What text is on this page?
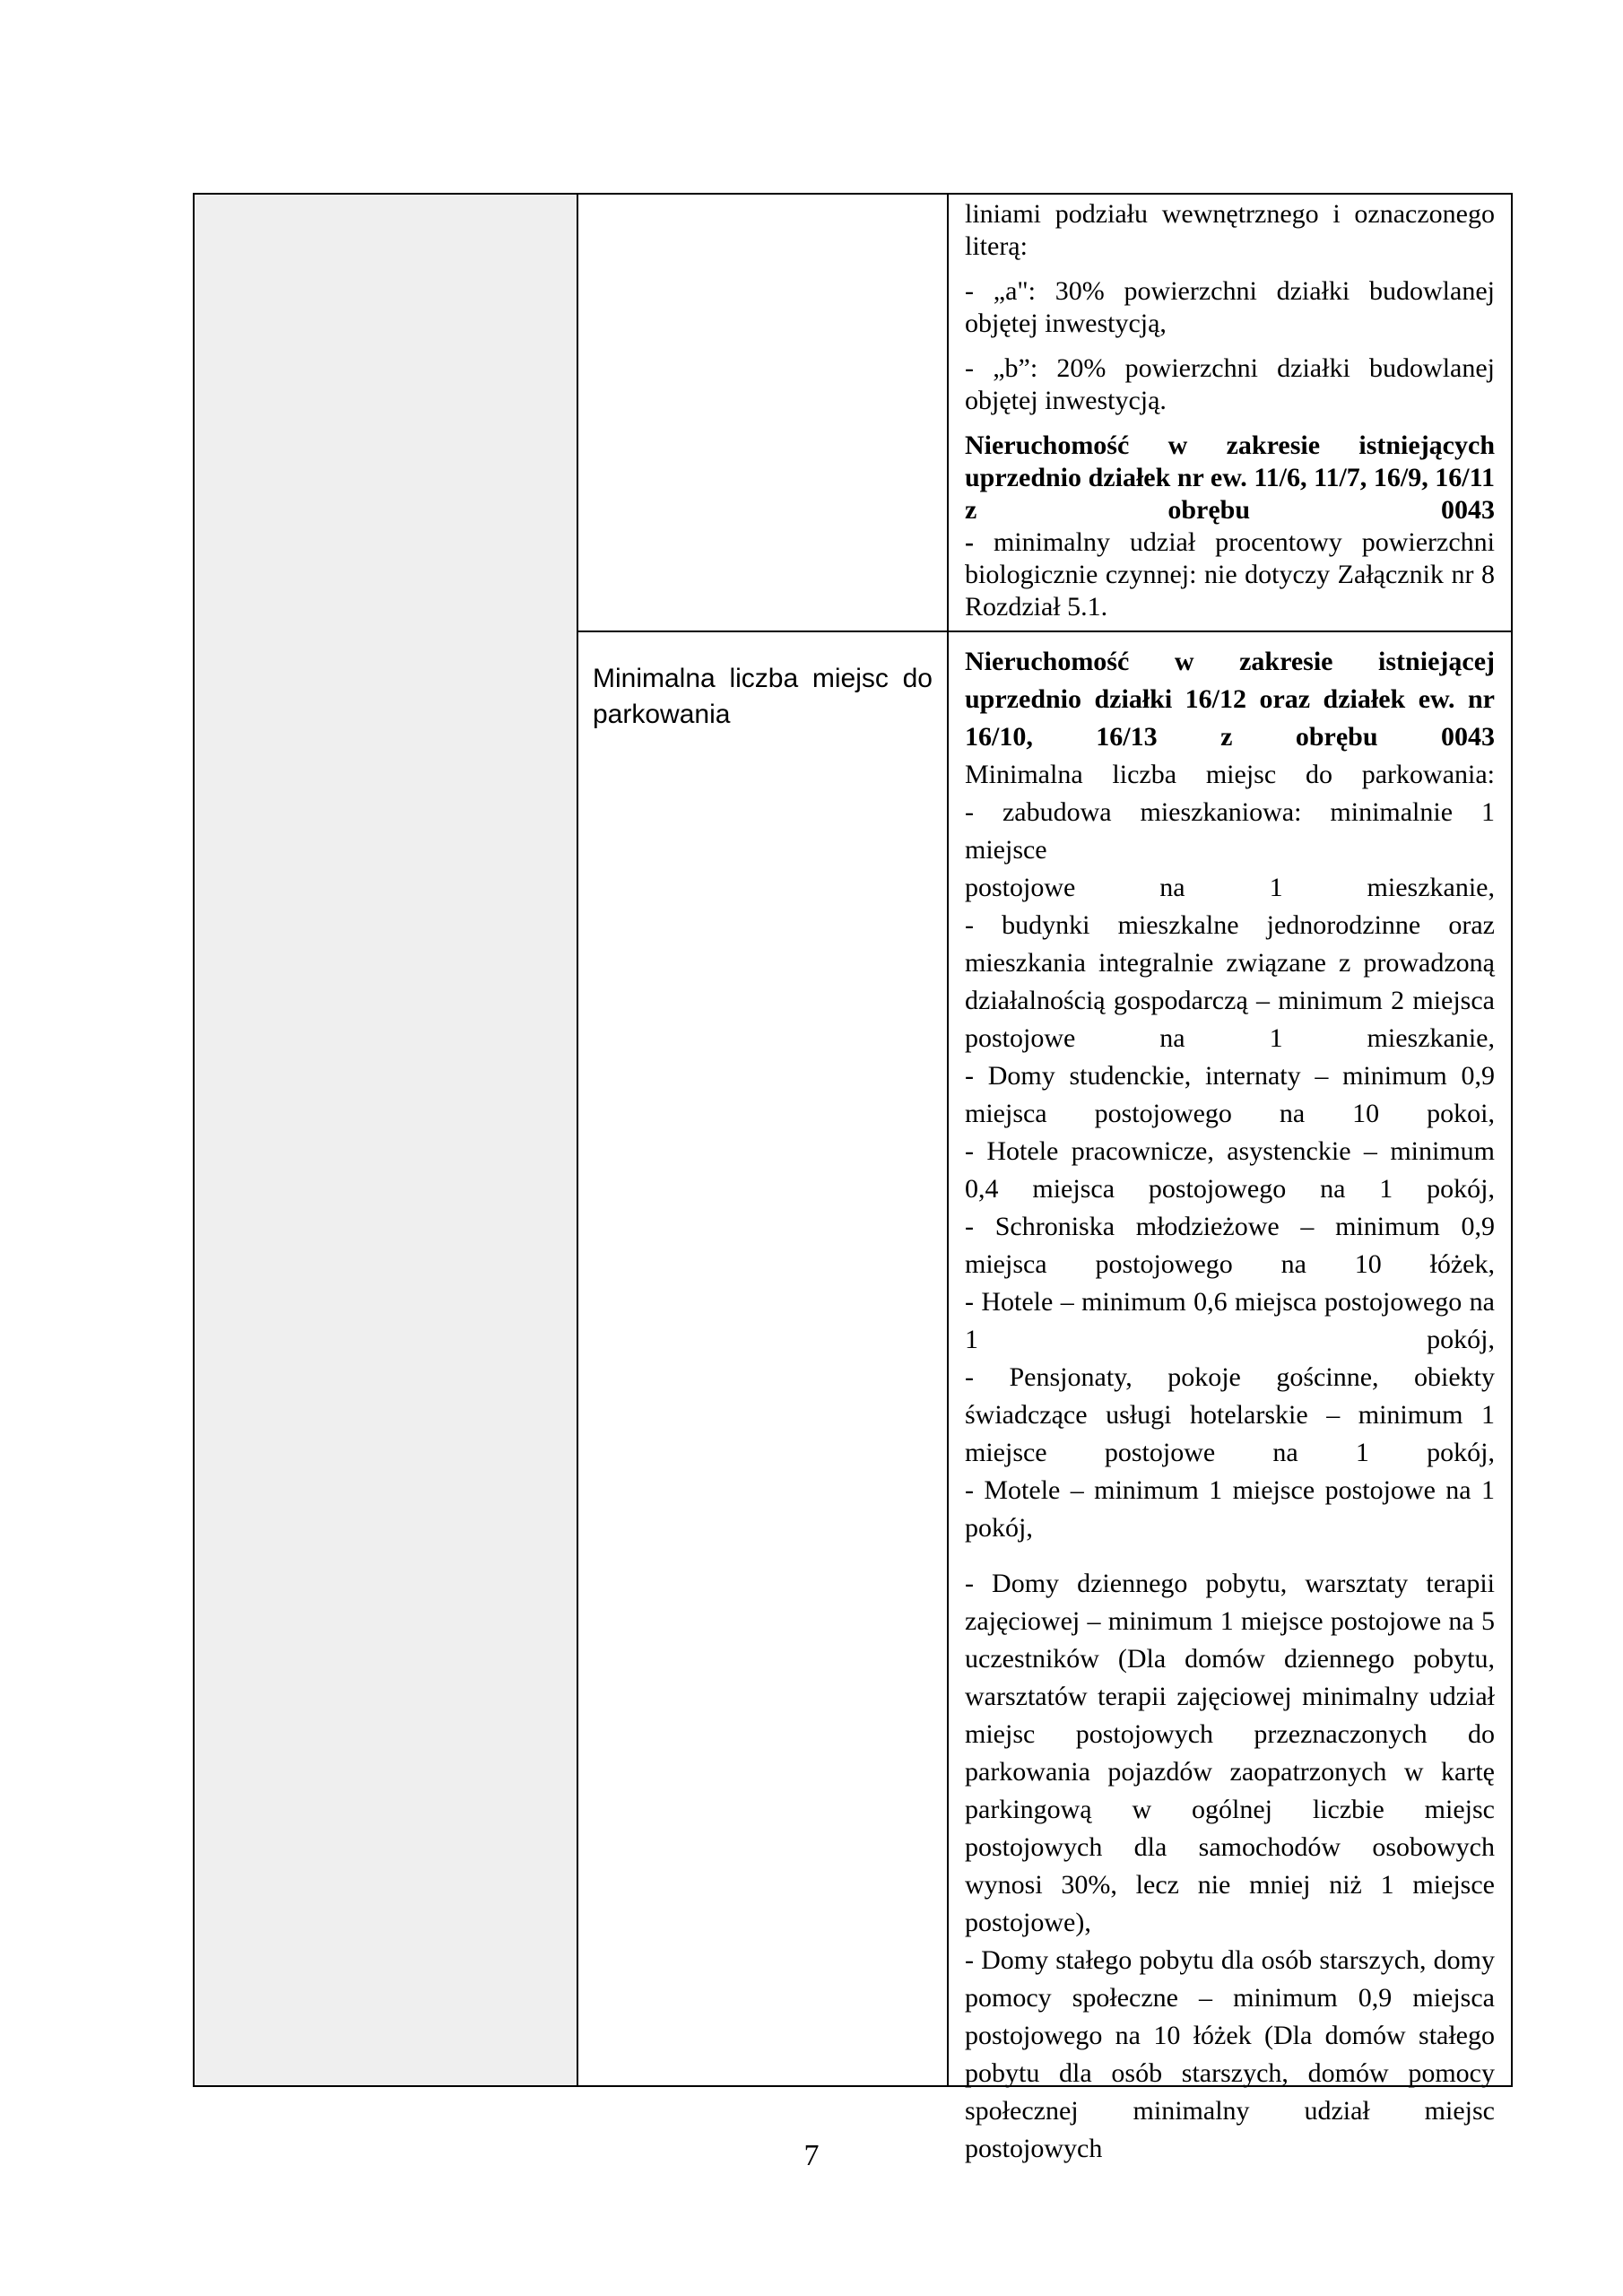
Minimalna liczba miejsc do parkowania

liniami podziału wewnętrznego i oznaczonego literą:

- „a": 30% powierzchni działki budowlanej objętej inwestycją,

- „b”: 20% powierzchni działki budowlanej objętej inwestycją.

Nieruchomość w zakresie istniejących
uprzednio działek nr ew. 11/6, 11/7, 16/9, 16/11
z obrębu 0043
- minimalny udział procentowy powierzchni biologicznie czynnej: nie dotyczy Załącznik nr 8 Rozdział 5.1.

Nieruchomość w zakresie istniejącej
uprzednio działki 16/12 oraz działek ew. nr
16/10, 16/13 z obrębu 0043
Minimalna liczba miejsc do parkowania:
- zabudowa mieszkaniowa: minimalnie 1 miejsce
postojowe na 1 mieszkanie,
- budynki mieszkalne jednorodzinne oraz
mieszkania integralnie związane z prowadzoną
działalnością gospodarczą – minimum 2 miejsca
postojowe na 1 mieszkanie,
- Domy studenckie, internaty – minimum 0,9
miejsca postojowego na 10 pokoi,
- Hotele pracownicze, asystenckie – minimum
0,4 miejsca postojowego na 1 pokój,
- Schroniska młodzieżowe – minimum 0,9
miejsca postojowego na 10 łóżek,
- Hotele – minimum 0,6 miejsca postojowego na
1 pokój,
- Pensjonaty, pokoje gościnne, obiekty
świadczące usługi hotelarskie – minimum 1
miejsce postojowe na 1 pokój,
- Motele – minimum 1 miejsce postojowe na 1
pokój,

- Domy dziennego pobytu, warsztaty terapii zajęciowej – minimum 1 miejsce postojowe na 5 uczestników (Dla domów dziennego pobytu, warsztatów terapii zajęciowej minimalny udział miejsc postojowych przeznaczonych do parkowania pojazdów zaopatrzonych w kartę parkingową w ogólnej liczbie miejsc postojowych dla samochodów osobowych wynosi 30%, lecz nie mniej niż 1 miejsce postojowe),

- Domy stałego pobytu dla osób starszych, domy pomocy społeczne – minimum 0,9 miejsca postojowego na 10 łóżek (Dla domów stałego pobytu dla osób starszych, domów pomocy społecznej minimalny udział miejsc postojowych

7
